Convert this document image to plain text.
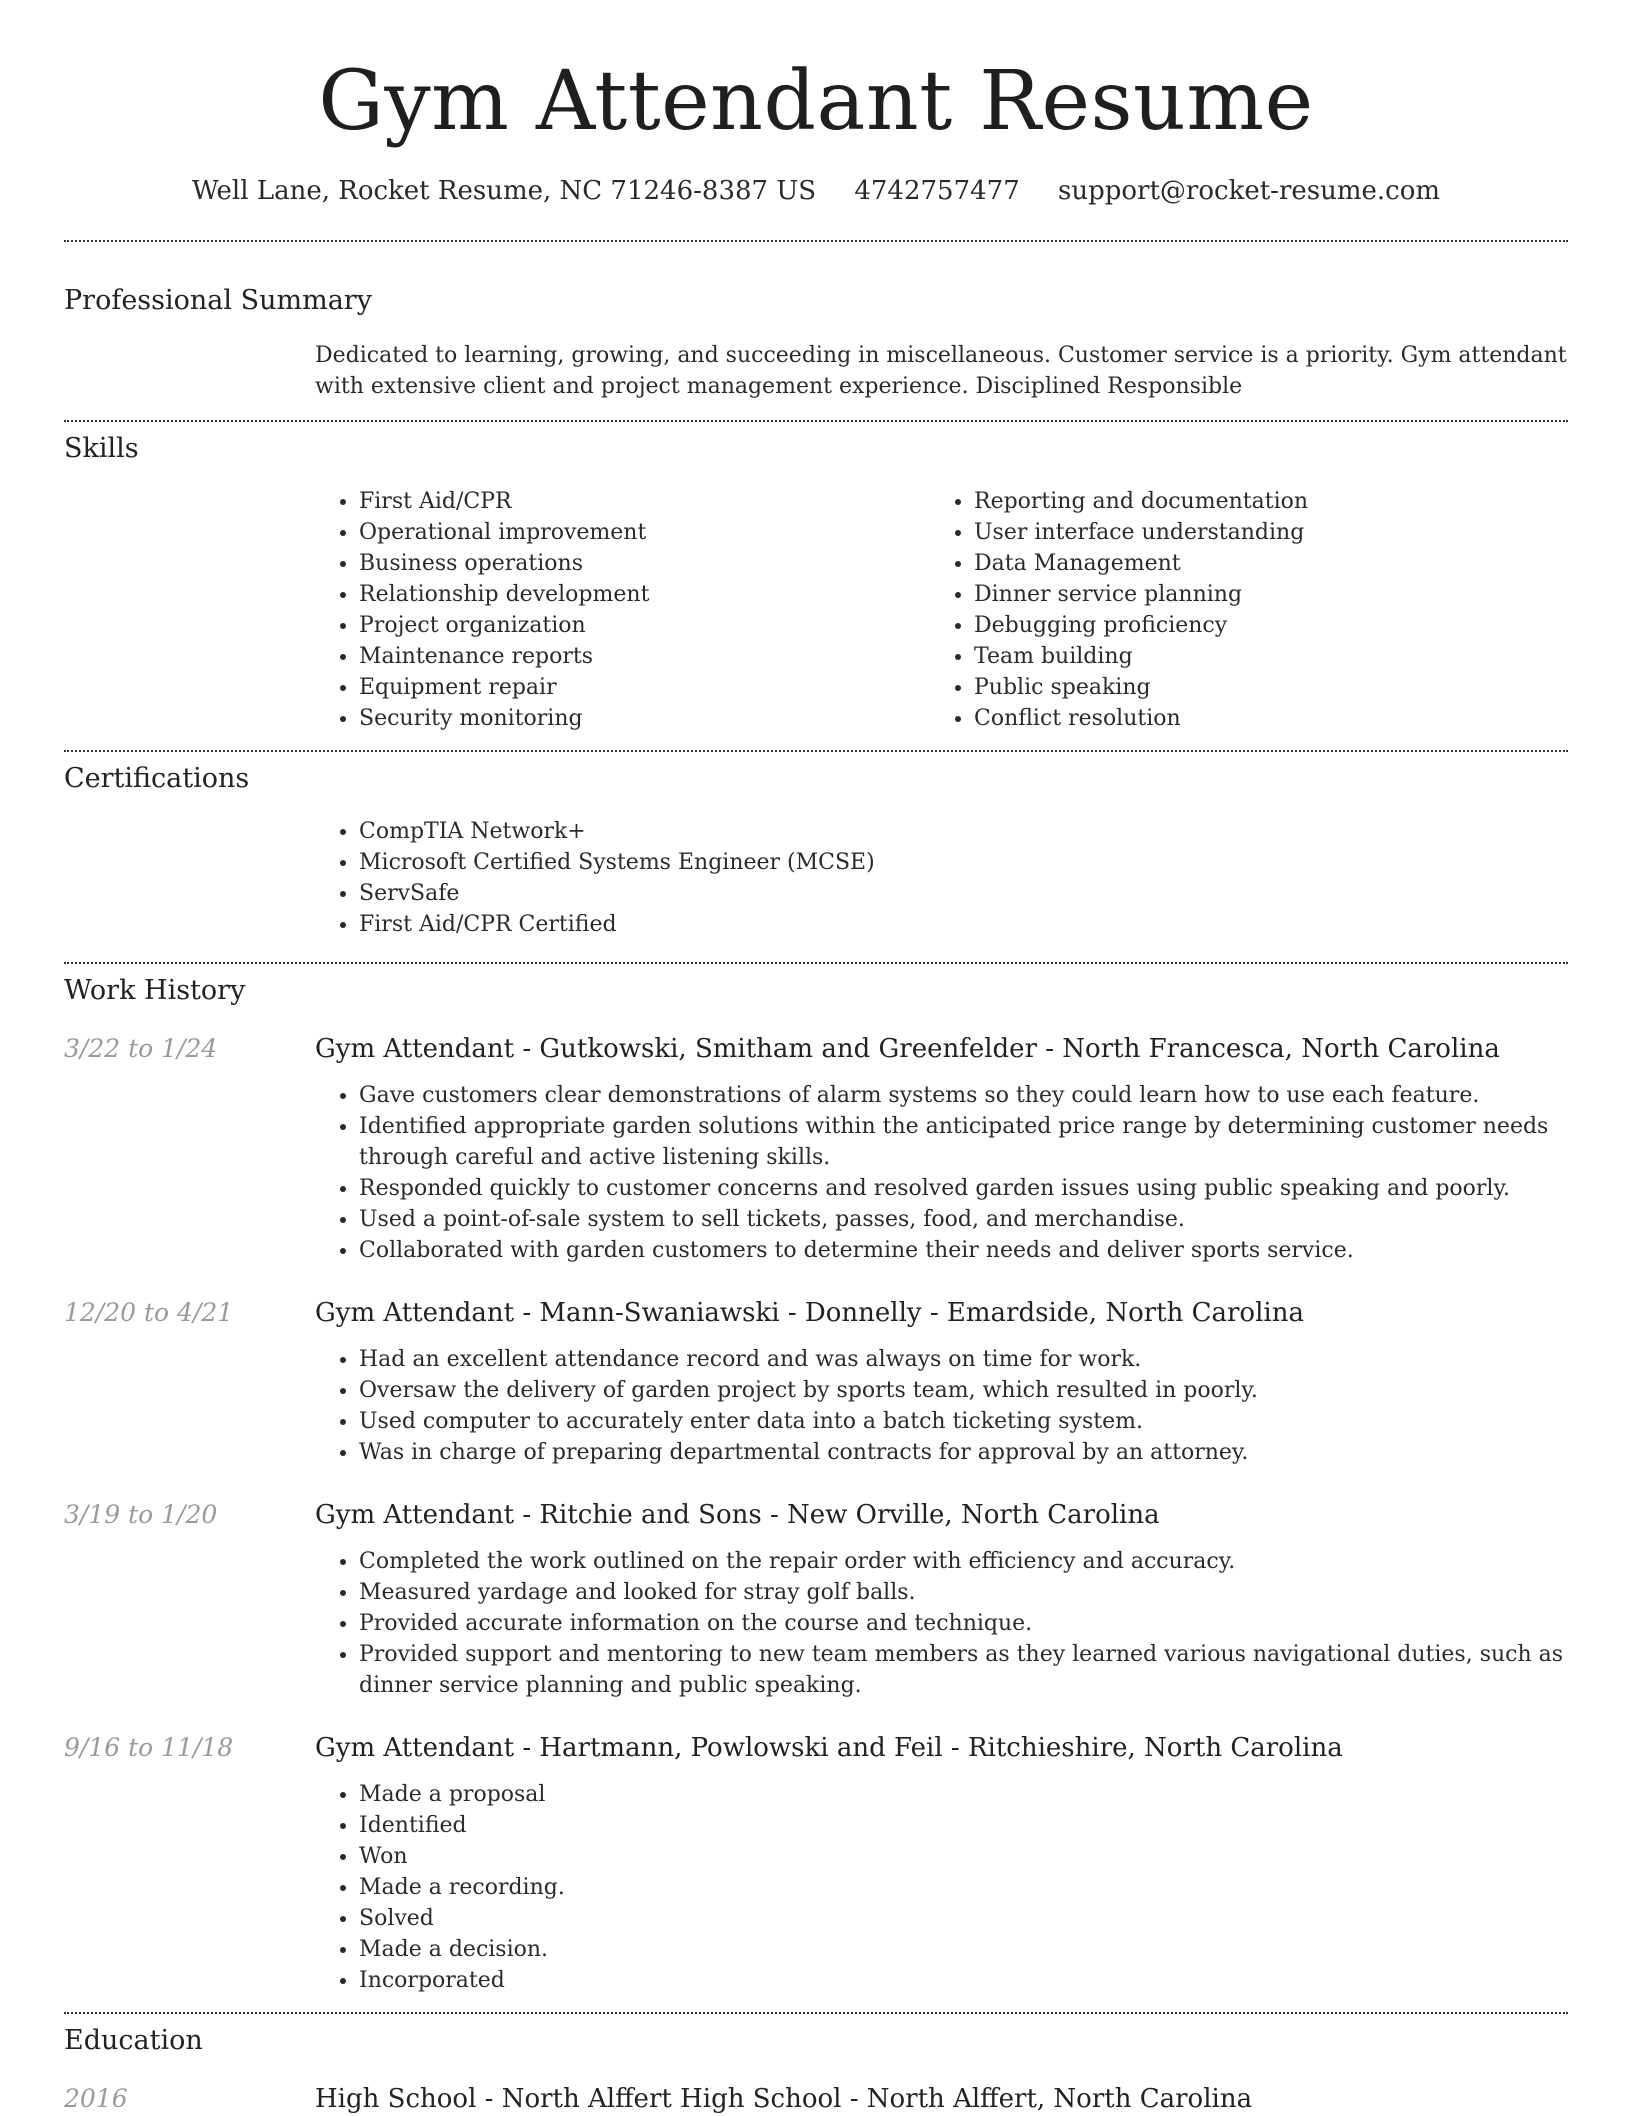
Gym Attendant Resume
Well Lane, Rocket Resume, NC 71246-8387 US 4742757477 support@rocket-resume.com
Professional Summary
Dedicated to learning, growing, and succeeding in miscellaneous. Customer service is a priority. Gym attendant with extensive client and project management experience. Disciplined Responsible
Skills
• First Aid/CPR
• Operational improvement
• Business operations
• Relationship development
• Project organization
• Maintenance reports
• Equipment repair
• Security monitoring
• Reporting and documentation
• User interface understanding
• Data Management
• Dinner service planning
• Debugging proficiency
• Team building
• Public speaking
• Conflict resolution
Certifications
• CompTIA Network+
• Microsoft Certified Systems Engineer (MCSE)
• ServSafe
• First Aid/CPR Certified
Work History
3/22 to 1/24	Gym Attendant - Gutkowski, Smitham and Greenfelder - North Francesca, North Carolina
• Gave customers clear demonstrations of alarm systems so they could learn how to use each feature.
• Identified appropriate garden solutions within the anticipated price range by determining customer needs through careful and active listening skills.
• Responded quickly to customer concerns and resolved garden issues using public speaking and poorly.
• Used a point-of-sale system to sell tickets, passes, food, and merchandise.
• Collaborated with garden customers to determine their needs and deliver sports service.
12/20 to 4/21	Gym Attendant - Mann-Swaniawski - Donnelly - Emardside, North Carolina
• Had an excellent attendance record and was always on time for work.
• Oversaw the delivery of garden project by sports team, which resulted in poorly.
• Used computer to accurately enter data into a batch ticketing system.
• Was in charge of preparing departmental contracts for approval by an attorney.
3/19 to 1/20	Gym Attendant - Ritchie and Sons - New Orville, North Carolina
• Completed the work outlined on the repair order with efficiency and accuracy.
• Measured yardage and looked for stray golf balls.
• Provided accurate information on the course and technique.
• Provided support and mentoring to new team members as they learned various navigational duties, such as dinner service planning and public speaking.
9/16 to 11/18	Gym Attendant - Hartmann, Powlowski and Feil - Ritchieshire, North Carolina
• Made a proposal
• Identified
• Won
• Made a recording.
• Solved
• Made a decision.
• Incorporated
Education
2016	High School - North Alffert High School - North Alffert, North Carolina
